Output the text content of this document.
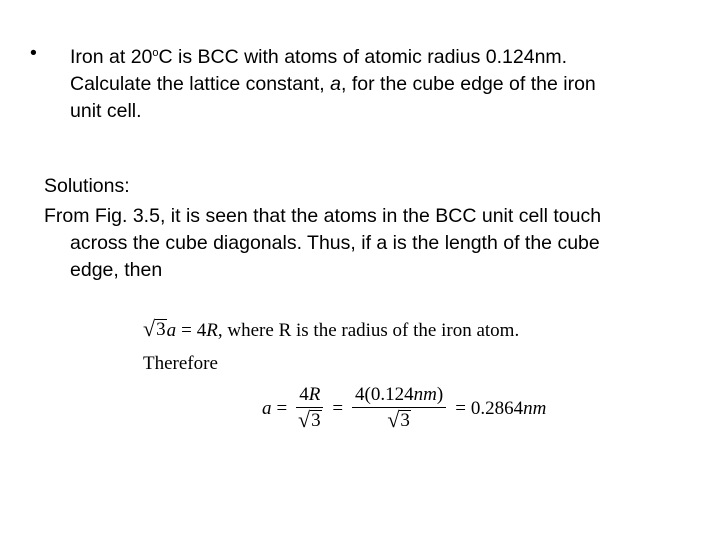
•	Iron at 20$^o$C is BCC with atoms of atomic radius 0.124nm.
Calculate the lattice constant, a, for the cube edge of the iron
unit cell.
Solutions:
From Fig. 3.5, it is seen that the atoms in the BCC unit cell touch
across the cube diagonals. Thus, if a is the length of the cube
edge, then
√ 3 a = 4R, where R is the radius of the iron atom.
Therefore
$a = \frac{4R}{√ 3} = \frac{4(0.124nm)}{√ 3} = 0.2864$ nm
